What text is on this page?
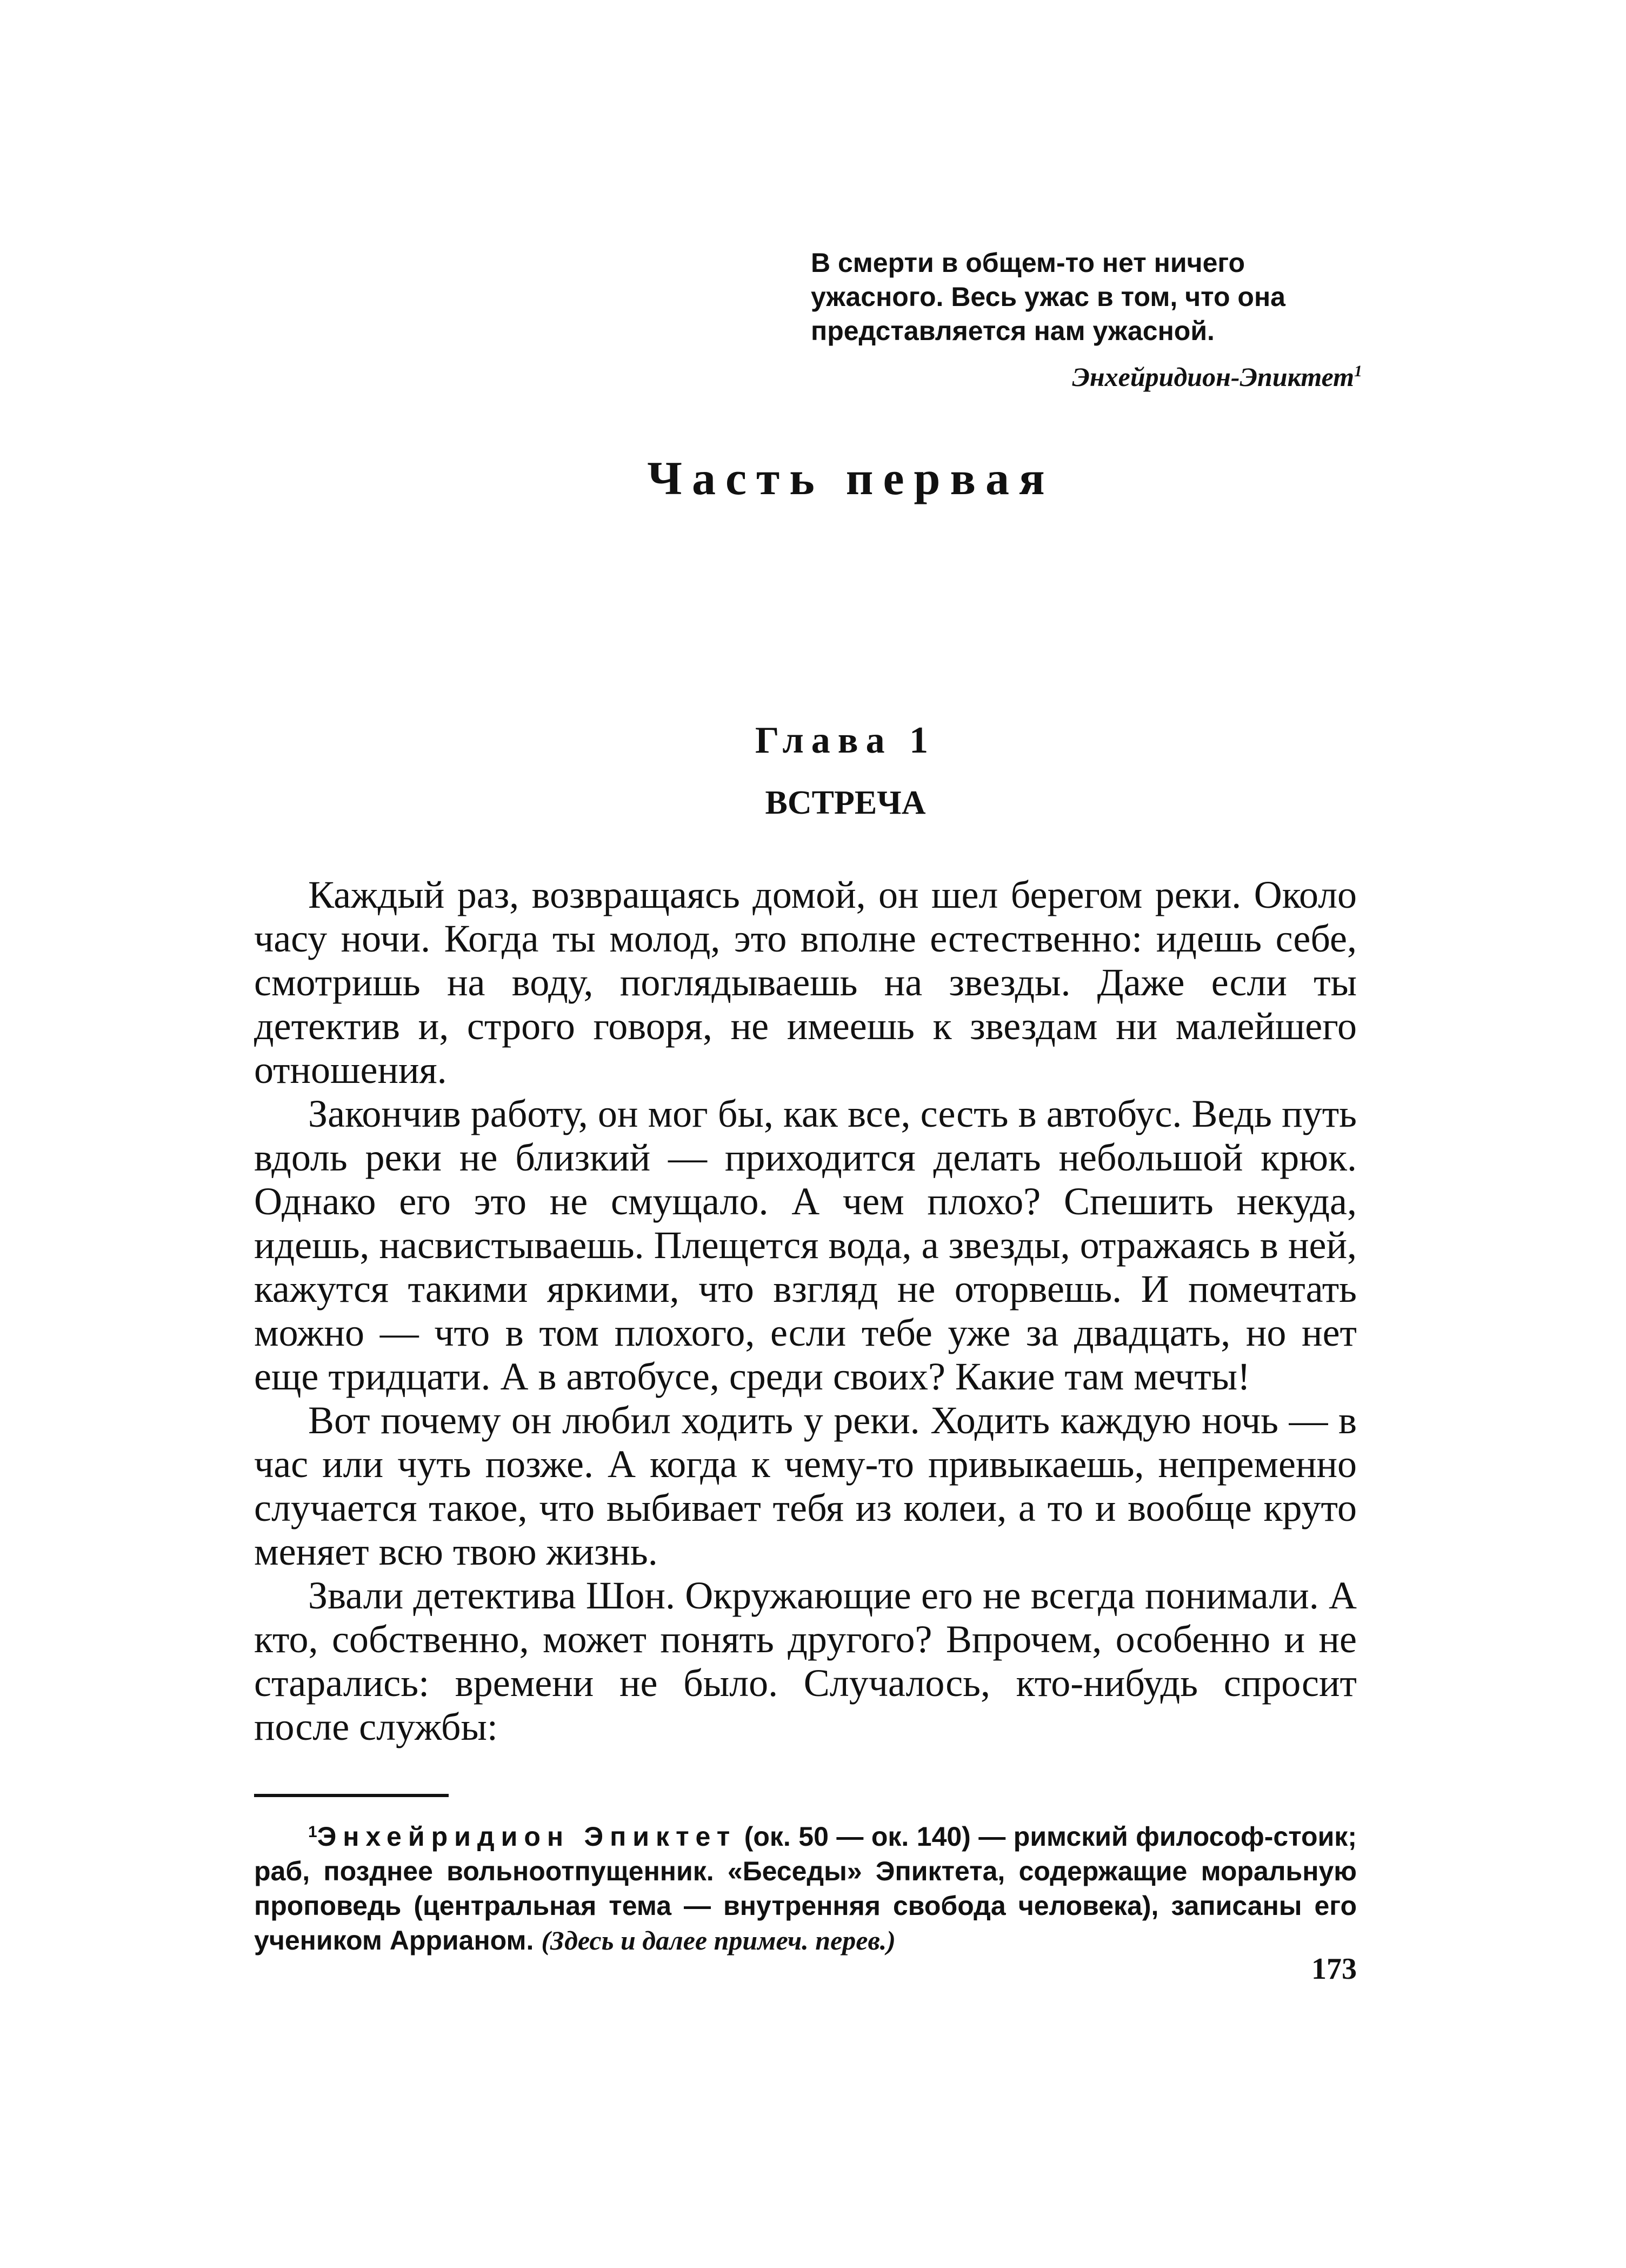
В смерти в общем-то нет ничего ужасного. Весь ужас в том, что она представляется нам ужасной.

Энхейридион-Эпиктет$^1$

Часть первая
Глава 1
ВСТРЕЧА

Каждый раз, возвращаясь домой, он шел берегом реки. Около часу ночи. Когда ты молод, это вполне естественно: идешь себе, смотришь на воду, поглядываешь на звезды. Даже если ты детектив и, строго говоря, не имеешь к звездам ни малейшего отношения.

Закончив работу, он мог бы, как все, сесть в автобус. Ведь путь вдоль реки не близкий — приходится делать небольшой крюк. Однако его это не смущало. А чем плохо? Спешить некуда, идешь, насвистываешь. Плещется вода, а звезды, отражаясь в ней, кажутся такими яркими, что взгляд не оторвешь. И помечтать можно — что в том плохого, если тебе уже за двадцать, но нет еще тридцати. А в автобусе, среди своих? Какие там мечты!

Вот почему он любил ходить у реки. Ходить каждую ночь — в час или чуть позже. А когда к чему-то привыкаешь, непременно случается такое, что выбивает тебя из колеи, а то и вообще круто меняет всю твою жизнь.

Звали детектива Шон. Окружающие его не всегда понимали. А кто, собственно, может понять другого? Впрочем, особенно и не старались: времени не было. Случалось, кто-нибудь спросит после службы:

$^1$Энхейридион Эпиктет (ок. 50 — ок. 140) — римский философ-стоик; раб, позднее вольноотпущенник. «Беседы» Эпиктета, содержащие моральную проповедь (центральная тема — внутренняя свобода человека), записаны его учеником Аррианом. (Здесь и далее примеч. перев.)

173
